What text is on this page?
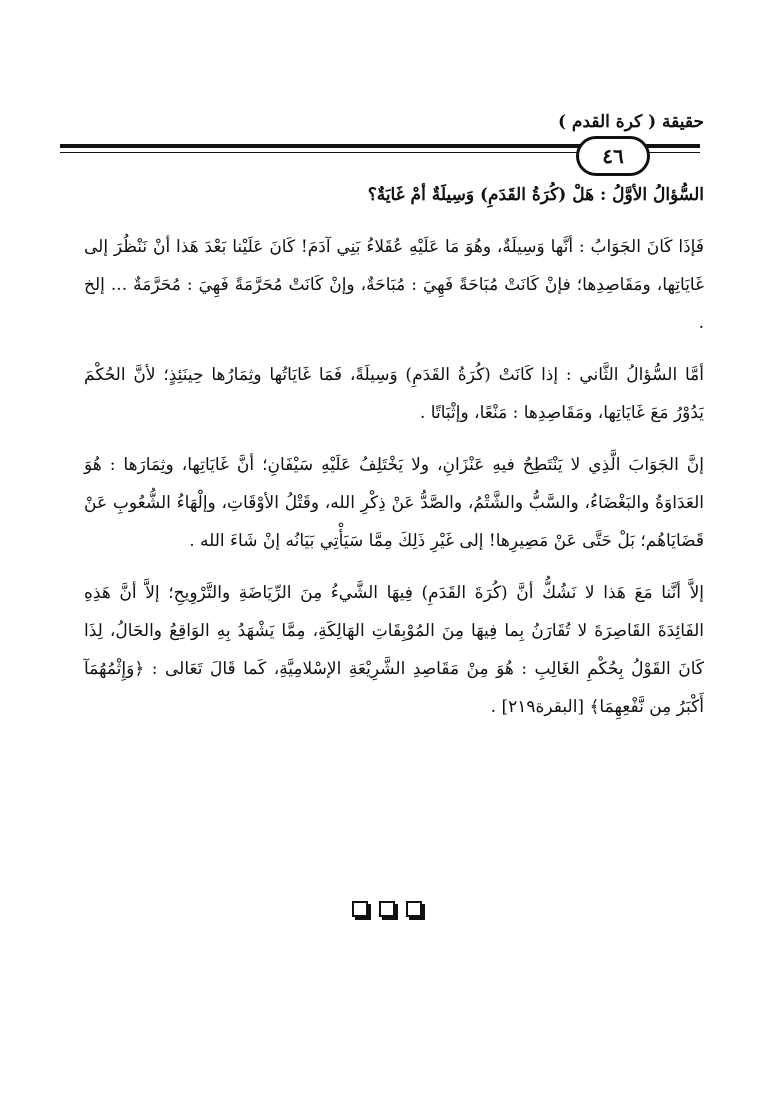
حقيقة ( كرة القدم )
٤٦

السُّؤالُ الأوَّلُ : هَلْ (كُرَةُ القَدَمِ) وَسِيلَةٌ أمْ غَايَةٌ؟

فَإذَا كَانَ الجَوَابُ : أنَّها وَسِيلَةٌ، وهُوَ مَا عَلَيْهِ عُقَلاءُ بَنِي آدَمَ! كَانَ عَلَيْنا بَعْدَ هَذا أنْ نَنْظُرَ إلى غَايَاتِها، ومَقَاصِدِها؛ فإنْ كَانَتْ مُبَاحَةً فَهِيَ : مُبَاحَةٌ، وإنْ كَانَتْ مُحَرَّمَةً فَهِيَ : مُحَرَّمَةٌ ... إلخ .

أمَّا السُّؤالُ الثَّاني : إذا كَانَتْ (كُرَةُ القَدَمِ) وَسِيلَةً، فَمَا غَايَاتُها وثِمَارُها حِينَئِذٍ؛ لأنَّ الحُكْمَ يَدُوْرُ مَعَ غَايَاتِها، ومَقَاصِدِها : مَنْعًا، وإثْبَاتًا .

إنَّ الجَوَابَ الَّذِي لا يَنْتَطِحُ فيهِ عَنْزَانِ، ولا يَخْتَلِفُ عَلَيْهِ سَيْفَانِ؛ أنَّ غَايَاتِها، وثِمَارَها : هُوَ العَدَاوَةُ والبَغْضَاءُ، والسَّبُّ والشَّتْمُ، والصَّدُّ عَنْ ذِكْرِ الله، وقَتْلُ الأوْقَاتِ، وإلْهَاءُ الشُّعُوبِ عَنْ قَضَايَاهُم؛ بَلْ حَتَّى عَنْ مَصِيرِها! إلى غَيْرِ ذَلِكَ مِمَّا سَيَأْتِي بَيَانُه إنْ شَاءَ الله .

إلاَّ أنَّنا مَعَ هَذا لا نَشُكُّ أنَّ (كُرَةَ القَدَمِ) فِيهَا الشَّيءُ مِنَ الرِّيَاضَةِ والتَّرْوِيحِ؛ إلاَّ أنَّ هَذِهِ الفَائِدَةَ القَاصِرَةَ لا تُقَارَنُ بِما فِيهَا مِنَ المُوْبِقَاتِ الهَالِكَةِ، مِمَّا يَشْهَدُ بِهِ الوَاقِعُ والحَالُ، لِذَا كَانَ القَوْلُ بِحُكْمِ الغَالِبِ : هُوَ مِنْ مَقَاصِدِ الشَّرِيْعَةِ الإسْلامِيَّةِ، كَما قَالَ تَعَالى : ﴿وَإِثْمُهُمَآ أَكْبَرُ مِن نَّفْعِهِمَا﴾ [البقرة٢١٩] .
